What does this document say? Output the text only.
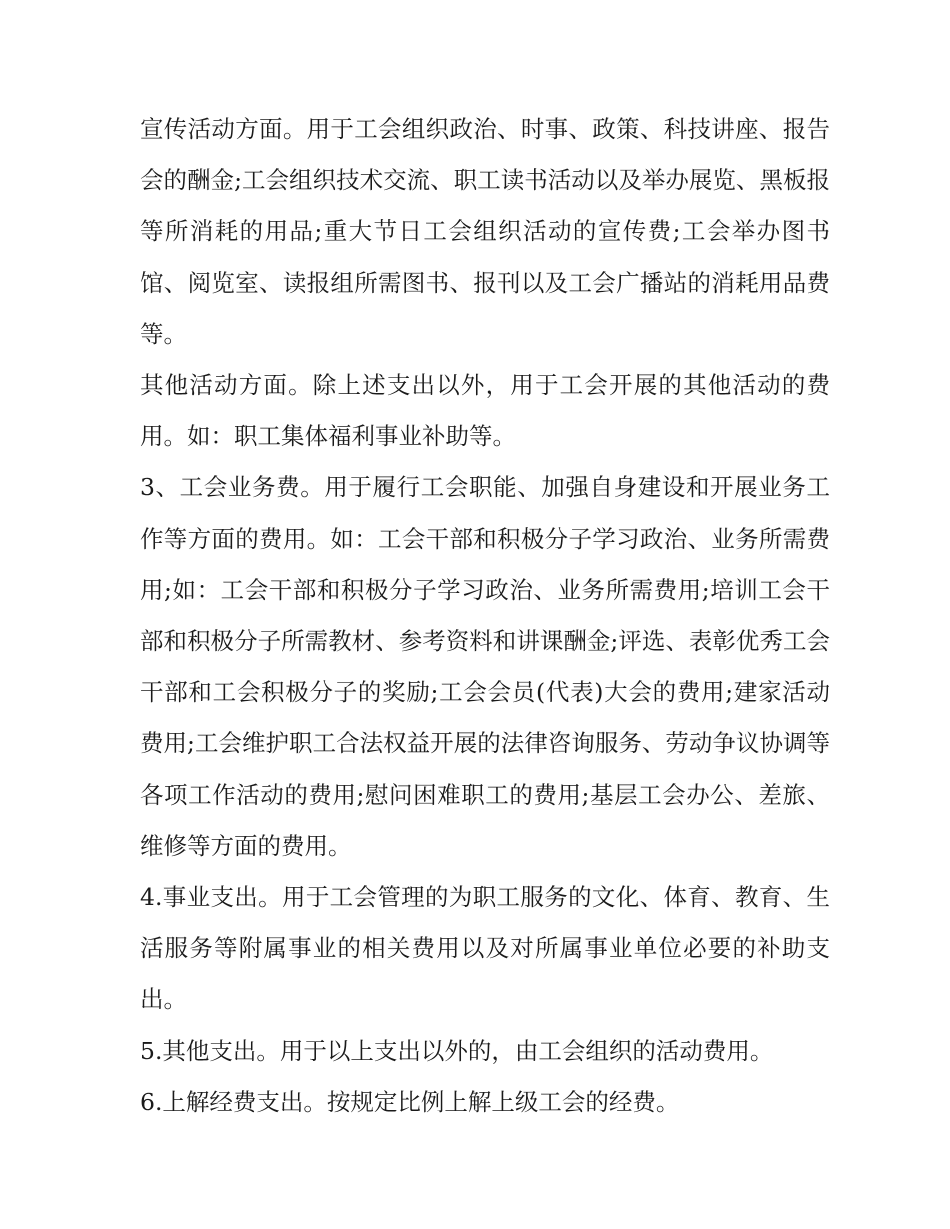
宣传活动方面。用于工会组织政治、时事、政策、科技讲座、报告会的酬金;工会组织技术交流、职工读书活动以及举办展览、黑板报等所消耗的用品;重大节日工会组织活动的宣传费;工会举办图书馆、阅览室、读报组所需图书、报刊以及工会广播站的消耗用品费等。

其他活动方面。除上述支出以外，用于工会开展的其他活动的费用。如：职工集体福利事业补助等。

3、工会业务费。用于履行工会职能、加强自身建设和开展业务工作等方面的费用。如：工会干部和积极分子学习政治、业务所需费用;如：工会干部和积极分子学习政治、业务所需费用;培训工会干部和积极分子所需教材、参考资料和讲课酬金;评选、表彰优秀工会干部和工会积极分子的奖励;工会会员(代表)大会的费用;建家活动费用;工会维护职工合法权益开展的法律咨询服务、劳动争议协调等各项工作活动的费用;慰问困难职工的费用;基层工会办公、差旅、维修等方面的费用。

4.事业支出。用于工会管理的为职工服务的文化、体育、教育、生活服务等附属事业的相关费用以及对所属事业单位必要的补助支出。

5.其他支出。用于以上支出以外的，由工会组织的活动费用。

6.上解经费支出。按规定比例上解上级工会的经费。
